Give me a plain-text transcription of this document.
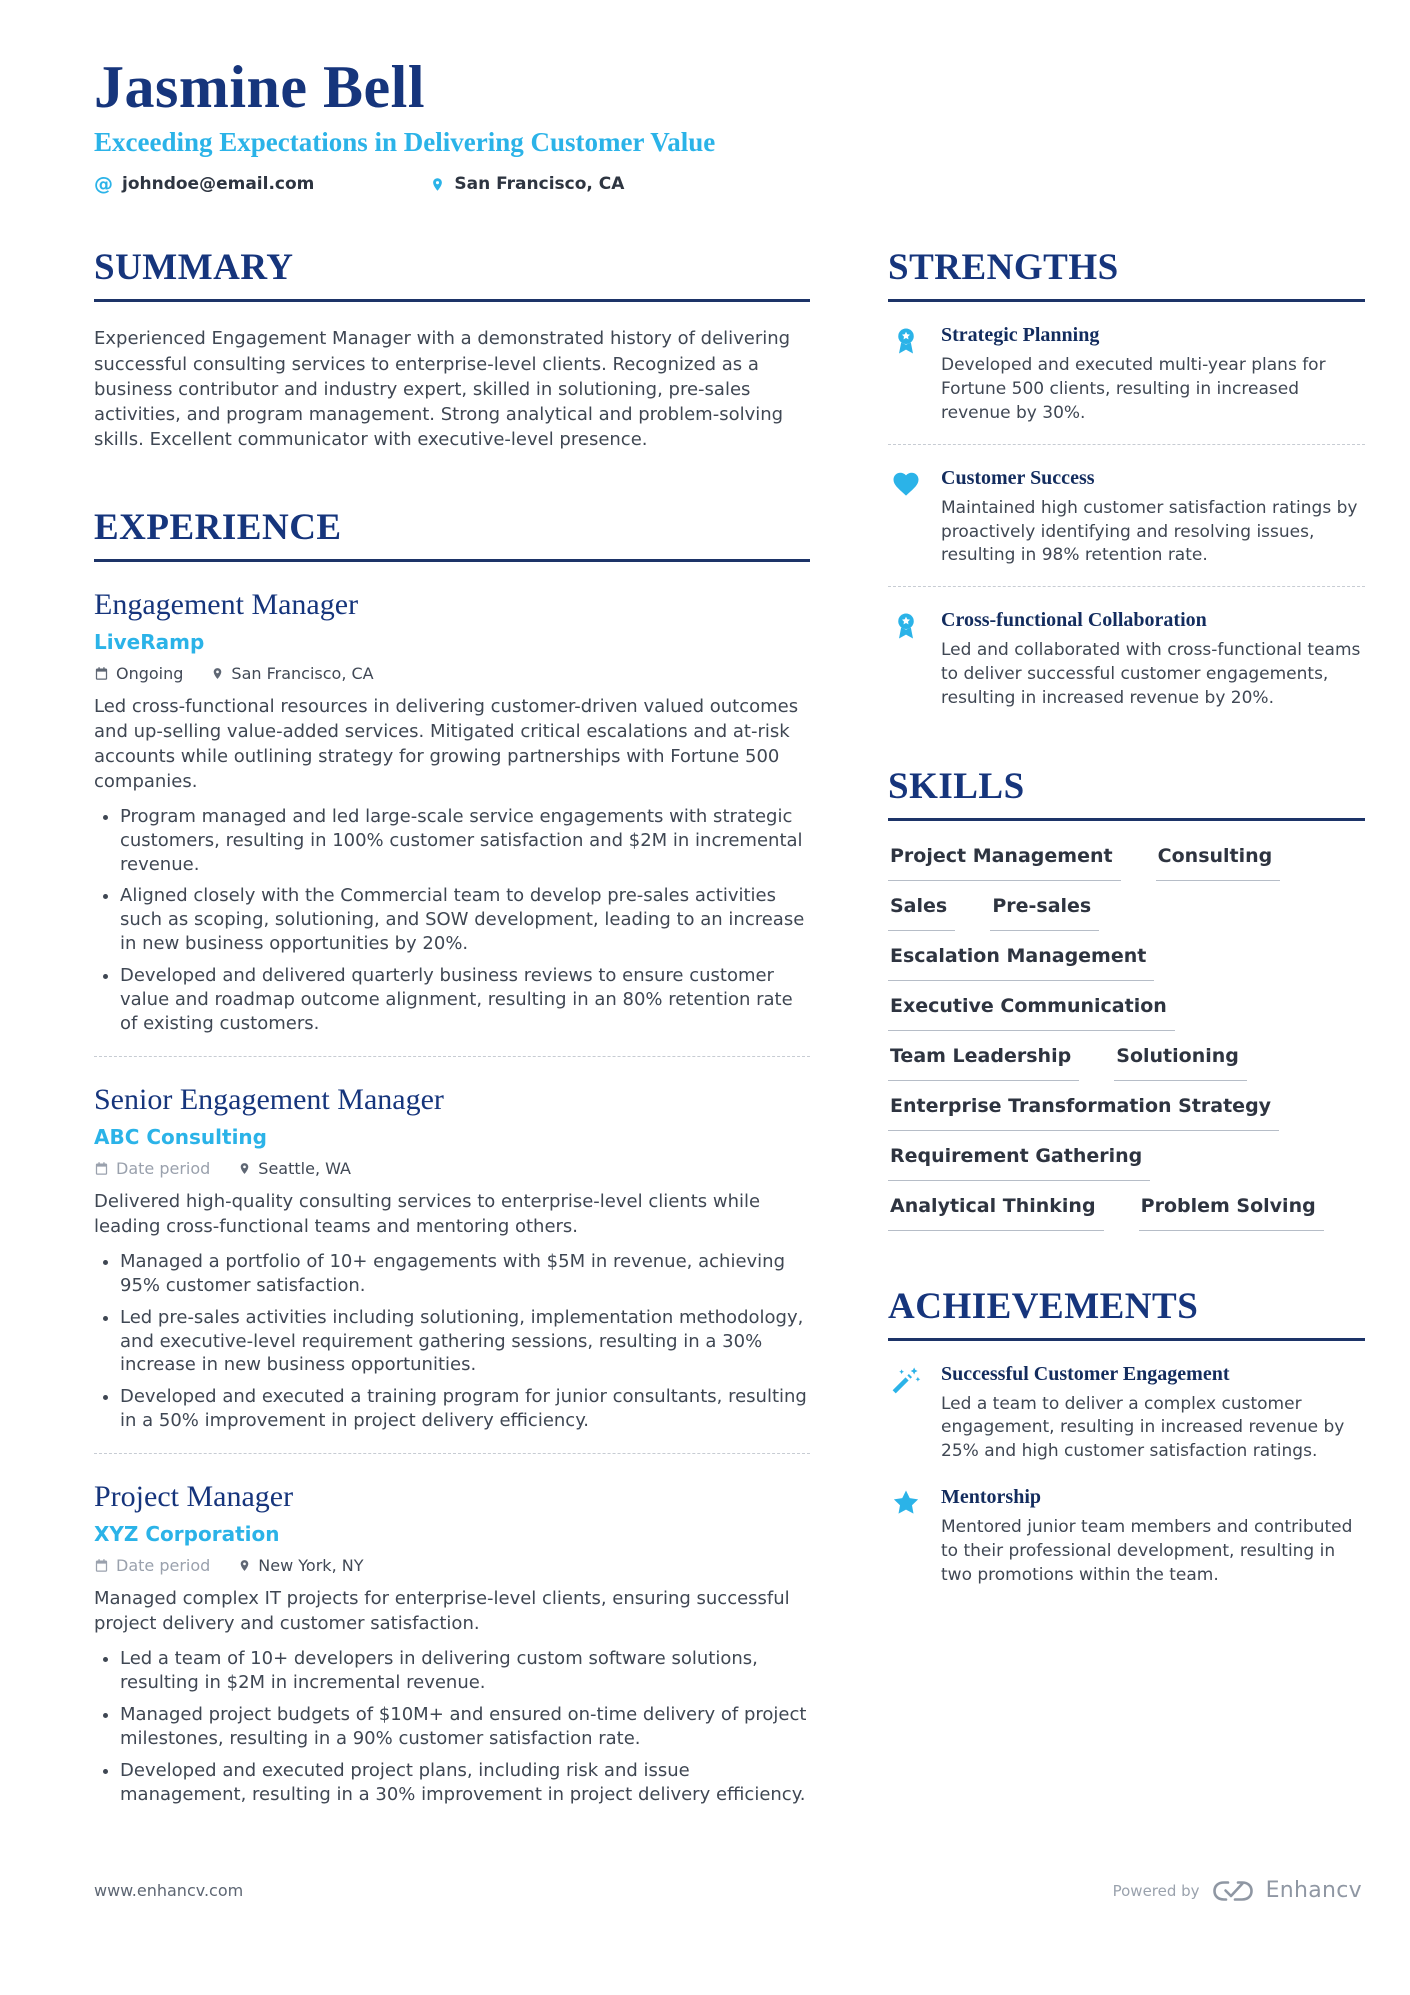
Jasmine Bell
Exceeding Expectations in Delivering Customer Value
@ johndoe@email.com	San Francisco, CA
SUMMARY

Experienced Engagement Manager with a demonstrated history of delivering successful consulting services to enterprise-level clients. Recognized as a business contributor and industry expert, skilled in solutioning, pre-sales activities, and program management. Strong analytical and problem-solving skills. Excellent communicator with executive-level presence.

EXPERIENCE
Engagement Manager
LiveRamp
Ongoing	San Francisco, CA

Led cross-functional resources in delivering customer-driven valued outcomes and up-selling value-added services. Mitigated critical escalations and at-risk accounts while outlining strategy for growing partnerships with Fortune 500 companies.

• Program managed and led large-scale service engagements with strategic customers, resulting in 100% customer satisfaction and $2M in incremental revenue.
• Aligned closely with the Commercial team to develop pre-sales activities such as scoping, solutioning, and SOW development, leading to an increase in new business opportunities by 20%.
• Developed and delivered quarterly business reviews to ensure customer value and roadmap outcome alignment, resulting in an 80% retention rate of existing customers.
Senior Engagement Manager
ABC Consulting
Date period	Seattle, WA

Delivered high-quality consulting services to enterprise-level clients while leading cross-functional teams and mentoring others.

• Managed a portfolio of 10+ engagements with $5M in revenue, achieving 95% customer satisfaction.
• Led pre-sales activities including solutioning, implementation methodology, and executive-level requirement gathering sessions, resulting in a 30% increase in new business opportunities.
• Developed and executed a training program for junior consultants, resulting in a 50% improvement in project delivery efficiency.
Project Manager
XYZ Corporation
Date period	New York, NY

Managed complex IT projects for enterprise-level clients, ensuring successful project delivery and customer satisfaction.

• Led a team of 10+ developers in delivering custom software solutions, resulting in $2M in incremental revenue.
• Managed project budgets of $10M+ and ensured on-time delivery of project milestones, resulting in a 90% customer satisfaction rate.
• Developed and executed project plans, including risk and issue management, resulting in a 30% improvement in project delivery efficiency.
STRENGTHS
Strategic Planning
Developed and executed multi-year plans for Fortune 500 clients, resulting in increased revenue by 30%.
Customer Success
Maintained high customer satisfaction ratings by proactively identifying and resolving issues, resulting in 98% retention rate.
Cross-functional Collaboration
Led and collaborated with cross-functional teams to deliver successful customer engagements, resulting in increased revenue by 20%.
SKILLS
Project Management Consulting
Sales Pre-sales
Escalation Management
Executive Communication
Team Leadership Solutioning
Enterprise Transformation Strategy
Requirement Gathering
Analytical Thinking Problem Solving
ACHIEVEMENTS
Successful Customer Engagement
Led a team to deliver a complex customer engagement, resulting in increased revenue by 25% and high customer satisfaction ratings.
Mentorship
Mentored junior team members and contributed to their professional development, resulting in two promotions within the team.
www.enhancv.com	Powered by	Enhancv
